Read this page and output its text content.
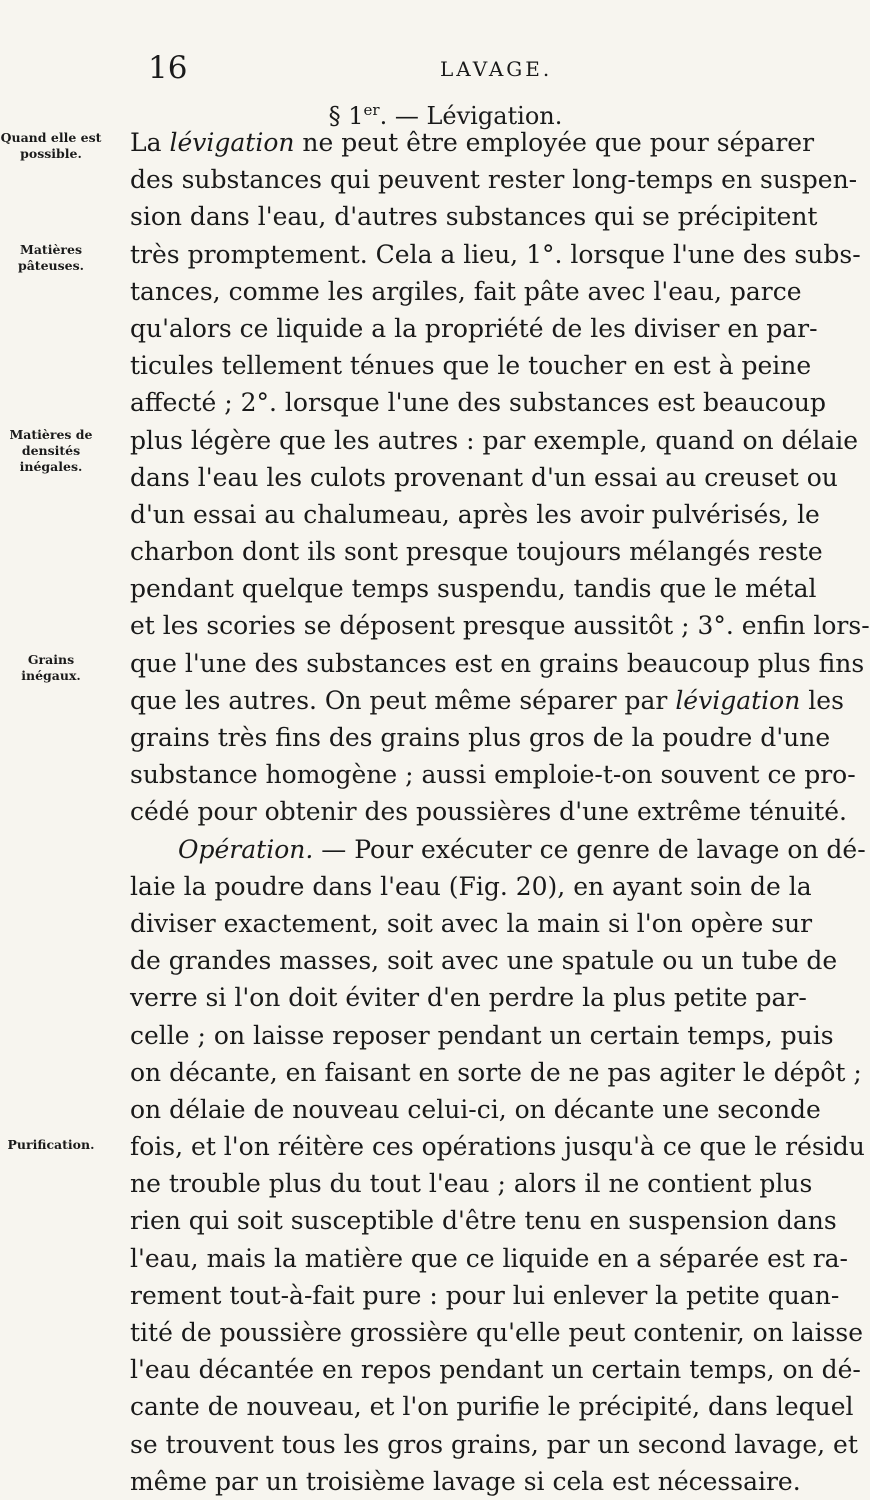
16	LAVAGE.
§ 1er. — Lévigation.
Quand elle est possible.
Matières pâteuses.
Matières de densités inégales.
Grains inégaux.
Purification.
La lévigation ne peut être employée que pour séparer
des substances qui peuvent rester long-temps en suspen-
sion dans l'eau, d'autres substances qui se précipitent
très promptement. Cela a lieu, 1°. lorsque l'une des subs-
tances, comme les argiles, fait pâte avec l'eau, parce
qu'alors ce liquide a la propriété de les diviser en par-
ticules tellement ténues que le toucher en est à peine
affecté ; 2°. lorsque l'une des substances est beaucoup
plus légère que les autres : par exemple, quand on délaie
dans l'eau les culots provenant d'un essai au creuset ou
d'un essai au chalumeau, après les avoir pulvérisés, le
charbon dont ils sont presque toujours mélangés reste
pendant quelque temps suspendu, tandis que le métal
et les scories se déposent presque aussitôt ; 3°. enfin lors-
que l'une des substances est en grains beaucoup plus fins
que les autres. On peut même séparer par lévigation les
grains très fins des grains plus gros de la poudre d'une
substance homogène ; aussi emploie-t-on souvent ce pro-
cédé pour obtenir des poussières d'une extrême ténuité.
Opération. — Pour exécuter ce genre de lavage on dé-
laie la poudre dans l'eau (Fig. 20), en ayant soin de la
diviser exactement, soit avec la main si l'on opère sur
de grandes masses, soit avec une spatule ou un tube de
verre si l'on doit éviter d'en perdre la plus petite par-
celle ; on laisse reposer pendant un certain temps, puis
on décante, en faisant en sorte de ne pas agiter le dépôt ;
on délaie de nouveau celui-ci, on décante une seconde
fois, et l'on réitère ces opérations jusqu'à ce que le résidu
ne trouble plus du tout l'eau ; alors il ne contient plus
rien qui soit susceptible d'être tenu en suspension dans
l'eau, mais la matière que ce liquide en a séparée est ra-
rement tout-à-fait pure : pour lui enlever la petite quan-
tité de poussière grossière qu'elle peut contenir, on laisse
l'eau décantée en repos pendant un certain temps, on dé-
cante de nouveau, et l'on purifie le précipité, dans lequel
se trouvent tous les gros grains, par un second lavage, et
même par un troisième lavage si cela est nécessaire.
